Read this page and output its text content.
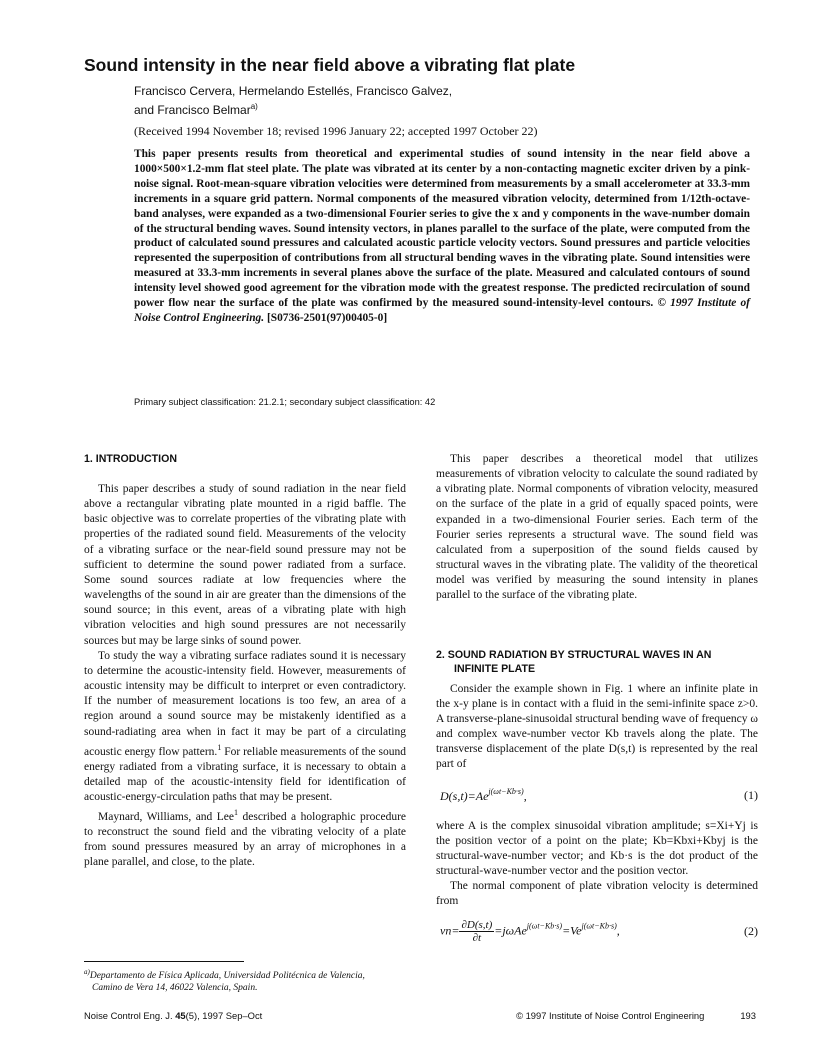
Sound intensity in the near field above a vibrating flat plate
Francisco Cervera, Hermelando Estellés, Francisco Galvez,
and Francisco Belmar$^{a)}$
(Received 1994 November 18; revised 1996 January 22; accepted 1997 October 22)

This paper presents results from theoretical and experimental studies of sound intensity in the near field above a 1000×500×1.2-mm flat steel plate. The plate was vibrated at its center by a non-contacting magnetic exciter driven by a pink-noise signal. Root-mean-square vibration velocities were determined from measurements by a small accelerometer at 33.3-mm increments in a square grid pattern. Normal components of the measured vibration velocity, determined from 1/12th-octave-band analyses, were expanded as a two-dimensional Fourier series to give the x and y components in the wave-number domain of the structural bending waves. Sound intensity vectors, in planes parallel to the surface of the plate, were computed from the product of calculated sound pressures and calculated acoustic particle velocity vectors. Sound pressures and particle velocities represented the superposition of contributions from all structural bending waves in the vibrating plate. Sound intensities were measured at 33.3-mm increments in several planes above the surface of the plate. Measured and calculated contours of sound intensity level showed good agreement for the vibration mode with the greatest response. The predicted recirculation of sound power flow near the surface of the plate was confirmed by the measured sound-intensity-level contours. © 1997 Institute of Noise Control Engineering. [S0736-2501(97)00405-0]

Primary subject classification: 21.2.1; secondary subject classification: 42
1. INTRODUCTION

This paper describes a study of sound radiation in the near field above a rectangular vibrating plate mounted in a rigid baffle. The basic objective was to correlate properties of the vibrating plate with properties of the radiated sound field. Measurements of the velocity of a vibrating surface or the near-field sound pressure may not be sufficient to determine the sound power radiated from a surface. Some sound sources radiate at low frequencies where the wavelengths of the sound in air are greater than the dimensions of the sound source; in this event, areas of a vibrating plate with high vibration velocities and high sound pressures are not necessarily sources but may be large sinks of sound power.

To study the way a vibrating surface radiates sound it is necessary to determine the acoustic-intensity field. However, measurements of acoustic intensity may be difficult to interpret or even contradictory. If the number of measurement locations is too few, an area of a region around a sound source may be mistakenly identified as a sound-radiating area when in fact it may be part of a circulating acoustic energy flow pattern.$^1$ For reliable measurements of the sound energy radiated from a vibrating surface, it is necessary to obtain a detailed map of the acoustic-intensity field for identification of acoustic-energy-circulation paths that may be present.

Maynard, Williams, and Lee$^1$ described a holographic procedure to reconstruct the sound field and the vibrating velocity of a plate from sound pressures measured by an array of microphones in a plane parallel, and close, to the plate.

This paper describes a theoretical model that utilizes measurements of vibration velocity to calculate the sound radiated by a vibrating plate. Normal components of vibration velocity, measured on the surface of the plate in a grid of equally spaced points, were expanded in a two-dimensional Fourier series. Each term of the Fourier series represents a structural wave. The sound field was calculated from a superposition of the sound fields caused by structural waves in the vibrating plate. The validity of the theoretical model was verified by measuring the sound intensity in planes parallel to the surface of the vibrating plate.

2. SOUND RADIATION BY STRUCTURAL WAVES IN AN INFINITE PLATE

Consider the example shown in Fig. 1 where an infinite plate in the x-y plane is in contact with a fluid in the semi-infinite space z>0. A transverse-plane-sinusoidal structural bending wave of frequency ω and complex wave-number vector Kb travels along the plate. The transverse displacement of the plate D(s,t) is represented by the real part of

$D(s,t)=Ae^{j(\omega t-Kb\cdot s)}$,	(1)

where A is the complex sinusoidal vibration amplitude; s=Xi+Yj is the position vector of a point on the plate; Kb=Kbxi+Kbyj is the structural-wave-number vector; and Kb·s is the dot product of the structural-wave-number vector and the position vector.

The normal component of plate vibration velocity is determined from

$vn= \frac{\partial D(s,t)}{\partial t} =j\omega Ae^{j(\omega t-Kb\cdot s)}=Ve^{j(\omega t-Kb\cdot s)}$,	(2)
$^{a)}$Departamento de Física Aplicada, Universidad Politécnica de Valencia,
Camino de Vera 14, 46022 Valencia, Spain.
Noise Control Eng. J. 45(5), 1997 Sep–Oct	© 1997 Institute of Noise Control Engineering	193
